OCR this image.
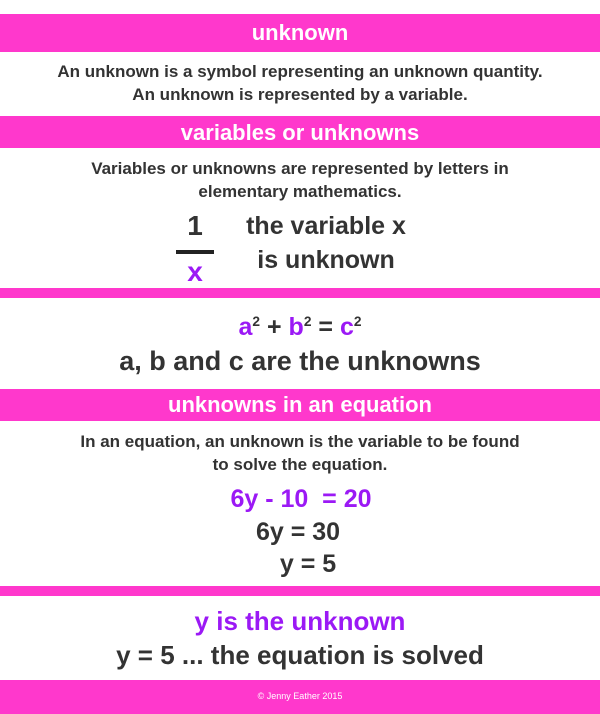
unknown
An unknown is a symbol representing an unknown quantity.
An unknown is represented by a variable.
variables or unknowns
Variables or unknowns are represented by letters in
elementary mathematics.
1
x
the variable x
is unknown
$a^2 + b^2 = c^2$
a, b and c are the unknowns
unknowns in an equation
In an equation, an unknown is the variable to be found
to solve the equation.
6y - 10  = 20
6y = 30
y = 5
y is the unknown
y = 5 ... the equation is solved
© Jenny Eather 2015
